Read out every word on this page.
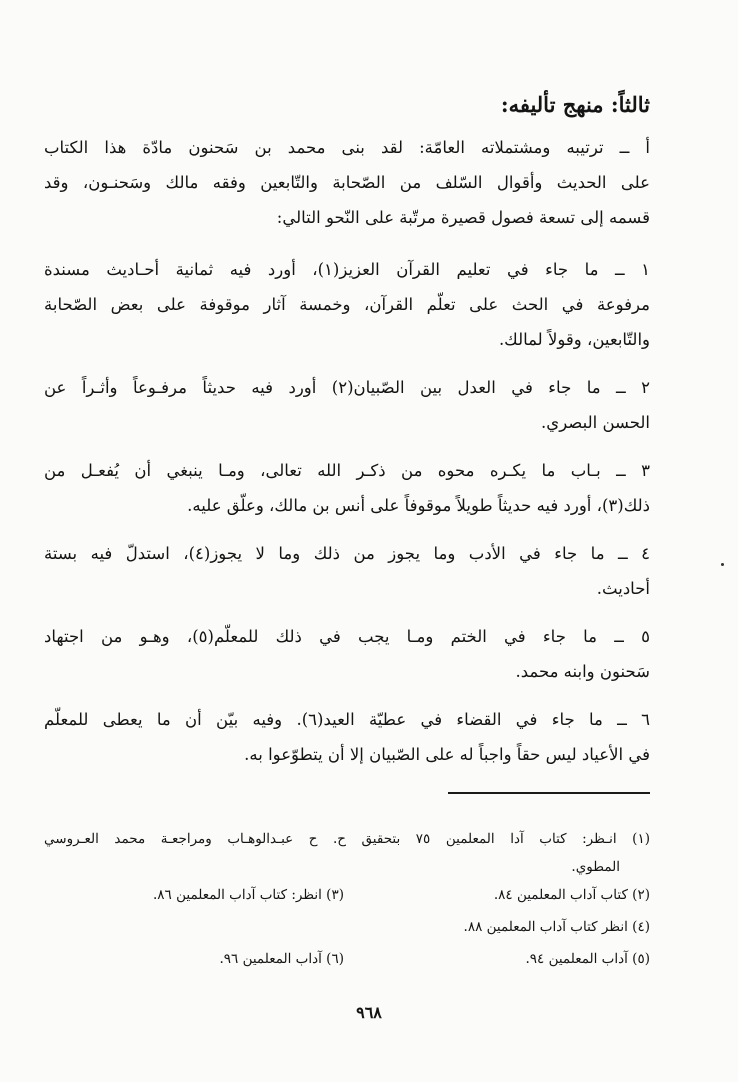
ثالثاً: منهج تأليفه:
أ ــ ترتيبه ومشتملاته العامّة: لقد بنى محمد بن سَحنون مادّة هذا الكتاب
على الحديث وأقوال السّلف من الصّحابة والتّابعين وفقه مالك وسَحنـون، وقد
قسمه إلى تسعة فصول قصيرة مرتّبة على النّحو التالي:
١ ــ ما جاء في تعليم القرآن العزيز(١)، أورد فيه ثمانية أحـاديث مسندة
مرفوعة في الحث على تعلّم القرآن، وخمسة آثار موقوفة على بعض الصّحابة
والتّابعين، وقولاً لمالك.
٢ ــ ما جاء في العدل بين الصّبيان(٢) أورد فيه حديثاً مرفـوعاً وأثـراً عن
الحسن البصري.
٣ ــ بـاب ما يكـره محوه من ذكـر الله تعالى، ومـا ينبغي أن يُفعـل من
ذلك(٣)، أورد فيه حديثاً طويلاً موقوفاً على أنس بن مالك، وعلّق عليه.
٤ ــ ما جاء في الأدب وما يجوز من ذلك وما لا يجوز(٤)، استدلّ فيه بستة
أحاديث.
٥ ــ ما جاء في الختم ومـا يجب في ذلك للمعلّم(٥)، وهـو من اجتهاد
سَحنون وابنه محمد.
٦ ــ ما جاء في القضاء في عطيّة العيد(٦). وفيه بيّن أن ما يعطى للمعلّم
في الأعياد ليس حقاً واجباً له على الصّبيان إلا أن يتطوّعوا به.
(١) انـظر: كتاب آدا المعلمين ٧٥ بتحقيق ح. ح عبـدالوهـاب ومراجعـة محمد العـروسي
المطوي.
(٢) كتاب آداب المعلمين ٨٤.
(٣) انظر: كتاب آداب المعلمين ٨٦.
(٤) انظر كتاب آداب المعلمين ٨٨.
(٥) آداب المعلمين ٩٤.
(٦) آداب المعلمين ٩٦.
٩٦٨
